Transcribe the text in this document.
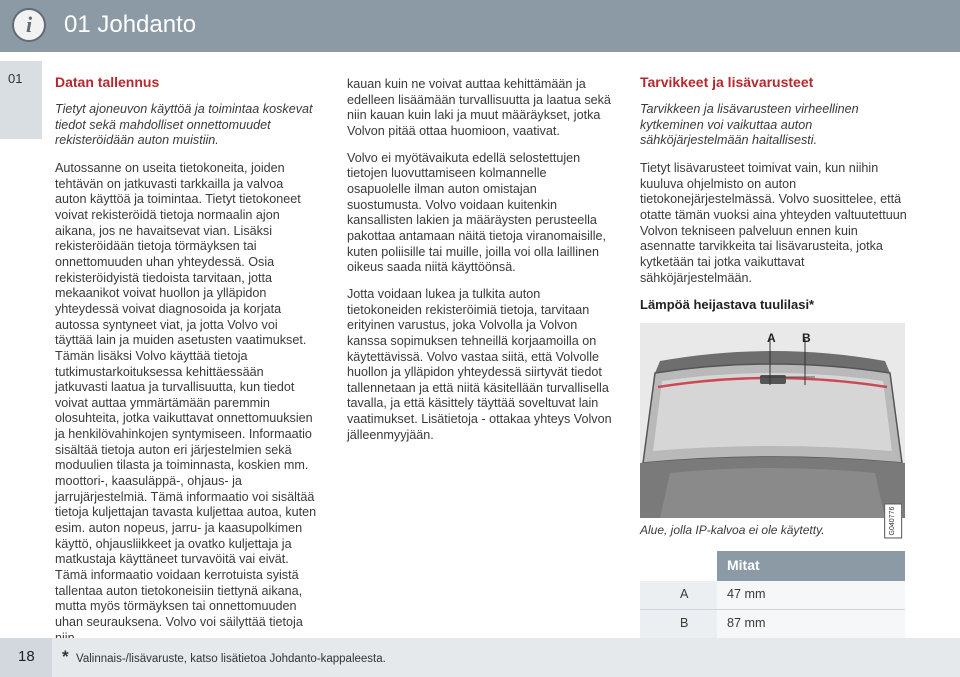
i	01 Johdanto
01 Datan tallennus

Tietyt ajoneuvon käyttöä ja toimintaa koskevat tiedot sekä mahdolliset onnettomuudet rekisteröidään auton muistiin.

Autossanne on useita tietokoneita, joiden tehtävän on jatkuvasti tarkkailla ja valvoa auton käyttöä ja toimintaa. Tietyt tietokoneet voivat rekisteröidä tietoja normaalin ajon aikana, jos ne havaitsevat vian. Lisäksi rekisteröidään tietoja törmäyksen tai onnettomuuden uhan yhteydessä. Osia rekisteröidyistä tiedoista tarvitaan, jotta mekaanikot voivat huollon ja ylläpidon yhteydessä voivat diagnosoida ja korjata autossa syntyneet viat, ja jotta Volvo voi täyttää lain ja muiden asetusten vaatimukset. Tämän lisäksi Volvo käyttää tietoja tutkimustarkoituksessa kehittäessään jatkuvasti laatua ja turvallisuutta, kun tiedot voivat auttaa ymmärtämään paremmin olosuhteita, jotka vaikuttavat onnettomuuksien ja henkilövahinkojen syntymiseen. Informaatio sisältää tietoja auton eri järjestelmien sekä moduulien tilasta ja toiminnasta, koskien mm. moottori-, kaasuläppä-, ohjaus- ja jarrujärjestelmiä. Tämä informaatio voi sisältää tietoja kuljettajan tavasta kuljettaa autoa, kuten esim. auton nopeus, jarru- ja kaasupolkimen käyttö, ohjausliikkeet ja ovatko kuljettaja ja matkustaja käyttäneet turvavöitä vai eivät. Tämä informaatio voidaan kerrotuista syistä tallentaa auton tietokoneisiin tiettynä aikana, mutta myös törmäyksen tai onnettomuuden uhan seurauksena. Volvo voi säilyttää tietoja

kauan kuin ne voivat auttaa kehittämään ja edelleen lisäämään turvallisuutta ja laatua sekä niin kauan kuin laki ja muut määräykset, jotka Volvon pitää ottaa huomioon, vaativat.

Volvo ei myötävaikuta edellä selostettujen tietojen luovuttamiseen kolmannelle osapuolelle ilman auton omistajan suostumusta. Volvo voidaan kuitenkin kansallisten lakien ja määräysten perusteella pakottaa antamaan näitä tietoja viranomaisille, kuten poliisille tai muille, joilla voi olla laillinen oikeus saada niitä käyttöönsä.

Jotta voidaan lukea ja tulkita auton tietokoneiden rekisteröimiä tietoja, tarvitaan erityinen varustus, joka Volvolla ja Volvon kanssa sopimuksen tehneillä korjaamoilla on käytettävissä. Volvo vastaa siitä, että Volvolle huollon ja ylläpidon yhteydessä siirtyvät tiedot tallennetaan ja että niitä käsitellään turvallisella tavalla, ja että käsittely täyttää soveltuvat lain vaatimukset. Lisätietoja - ottakaa yhteys Volvon jälleenmyyjään.

Tarvikkeet ja lisävarusteet

Tarvikkeen ja lisävarusteen virheellinen kytkeminen voi vaikuttaa auton sähköjärjestelmään haitallisesti.

Tietyt lisävarusteet toimivat vain, kun niihin kuuluva ohjelmisto on auton tietokonejärjestelmässä. Volvo suosittelee, että otatte tämän vuoksi aina yhteyden valtuutettuun Volvon tekniseen palveluun ennen kuin asennatte tarvikkeita tai lisävarusteita, jotka kytketään tai jotka vaikuttavat sähköjärjestelmään.

Lämpöä heijastava tuulilasi*

A B
G040776

Alue, jolla IP-kalvoa ei ole käytetty.

	Mitat
A	47 mm
B	87 mm
18 * Valinnais-/lisävaruste, katso lisätietoa Johdanto-kappaleesta.
